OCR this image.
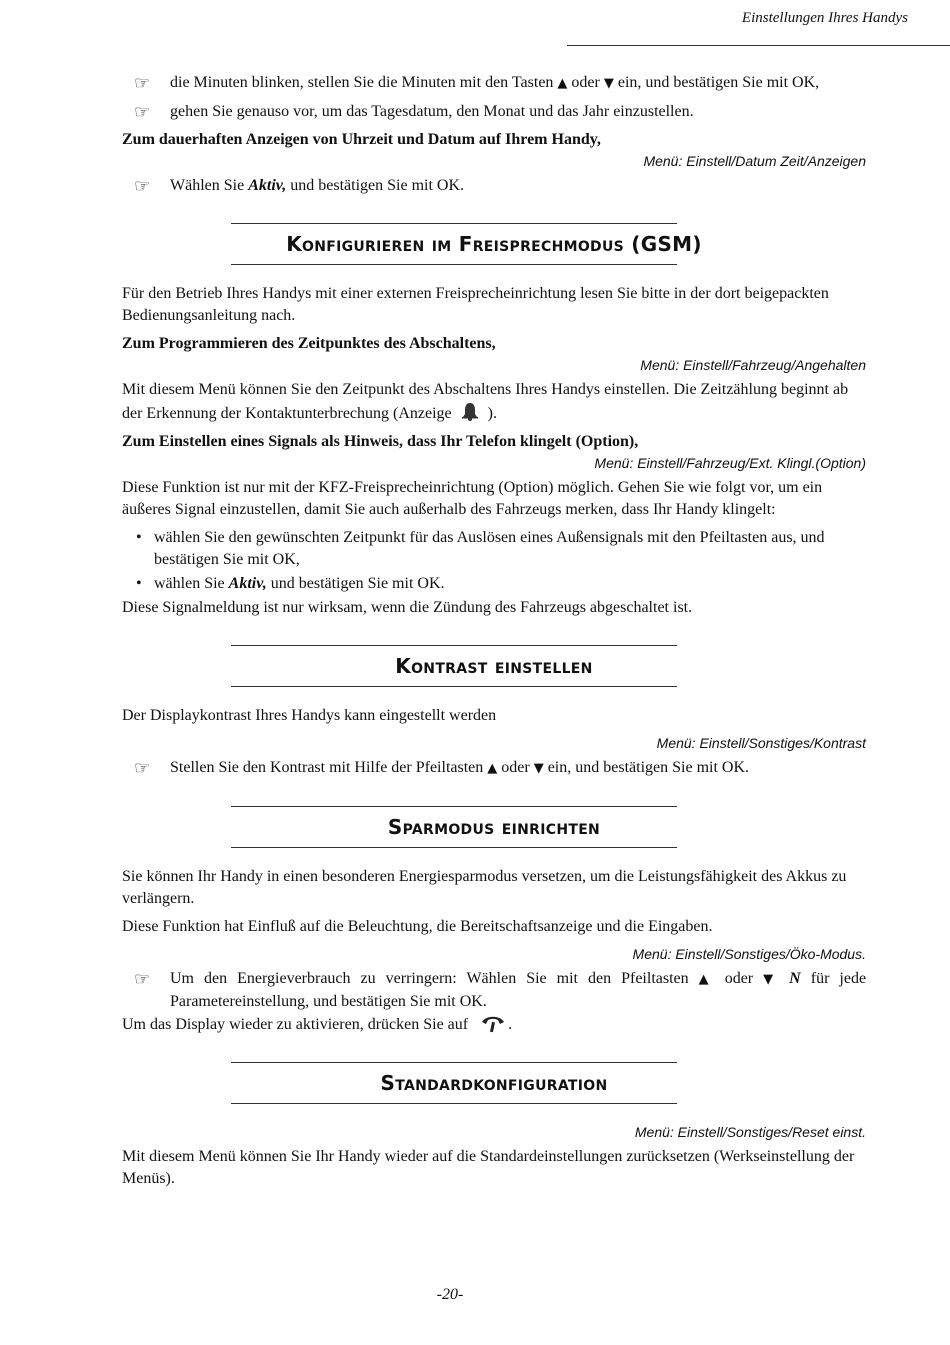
Einstellungen Ihres Handys
☞ die Minuten blinken, stellen Sie die Minuten mit den Tasten ▲ oder ▼ ein, und bestätigen Sie mit OK,
☞ gehen Sie genauso vor, um das Tagesdatum, den Monat und das Jahr einzustellen.

Zum dauerhaften Anzeigen von Uhrzeit und Datum auf Ihrem Handy,

Menü: Einstell/Datum Zeit/Anzeigen
☞ Wählen Sie Aktiv, und bestätigen Sie mit OK.
Konfigurieren im Freisprechmodus (GSM)

Für den Betrieb Ihres Handys mit einer externen Freisprecheinrichtung lesen Sie bitte in der dort beigepackten Bedienungsanleitung nach.

Zum Programmieren des Zeitpunktes des Abschaltens,

Menü: Einstell/Fahrzeug/Angehalten

Mit diesem Menü können Sie den Zeitpunkt des Abschaltens Ihres Handys einstellen. Die Zeitzählung beginnt ab der Erkennung der Kontaktunterbrechung (Anzeige ).

Zum Einstellen eines Signals als Hinweis, dass Ihr Telefon klingelt (Option),

Menü: Einstell/Fahrzeug/Ext. Klingl.(Option)

Diese Funktion ist nur mit der KFZ-Freisprecheinrichtung (Option) möglich. Gehen Sie wie folgt vor, um ein äußeres Signal einzustellen, damit Sie auch außerhalb des Fahrzeugs merken, dass Ihr Handy klingelt:

• wählen Sie den gewünschten Zeitpunkt für das Auslösen eines Außensignals mit den Pfeiltasten aus, und bestätigen Sie mit OK,
• wählen Sie Aktiv, und bestätigen Sie mit OK.

Diese Signalmeldung ist nur wirksam, wenn die Zündung des Fahrzeugs abgeschaltet ist.

Kontrast einstellen

Der Displaykontrast Ihres Handys kann eingestellt werden

Menü: Einstell/Sonstiges/Kontrast
☞ Stellen Sie den Kontrast mit Hilfe der Pfeiltasten ▲ oder ▼ ein, und bestätigen Sie mit OK.
Sparmodus einrichten

Sie können Ihr Handy in einen besonderen Energiesparmodus versetzen, um die Leistungsfähigkeit des Akkus zu verlängern.

Diese Funktion hat Einfluß auf die Beleuchtung, die Bereitschaftsanzeige und die Eingaben.

Menü: Einstell/Sonstiges/Öko-Modus.
☞ Um den Energieverbrauch zu verringern: Wählen Sie mit den Pfeiltasten ▲ oder ▼ N für jede Parametereinstellung, und bestätigen Sie mit OK.

Um das Display wieder zu aktivieren, drücken Sie auf	.

Standardkonfiguration
Menü: Einstell/Sonstiges/Reset einst.

Mit diesem Menü können Sie Ihr Handy wieder auf die Standardeinstellungen zurücksetzen (Werkseinstellung der Menüs).

-20-
